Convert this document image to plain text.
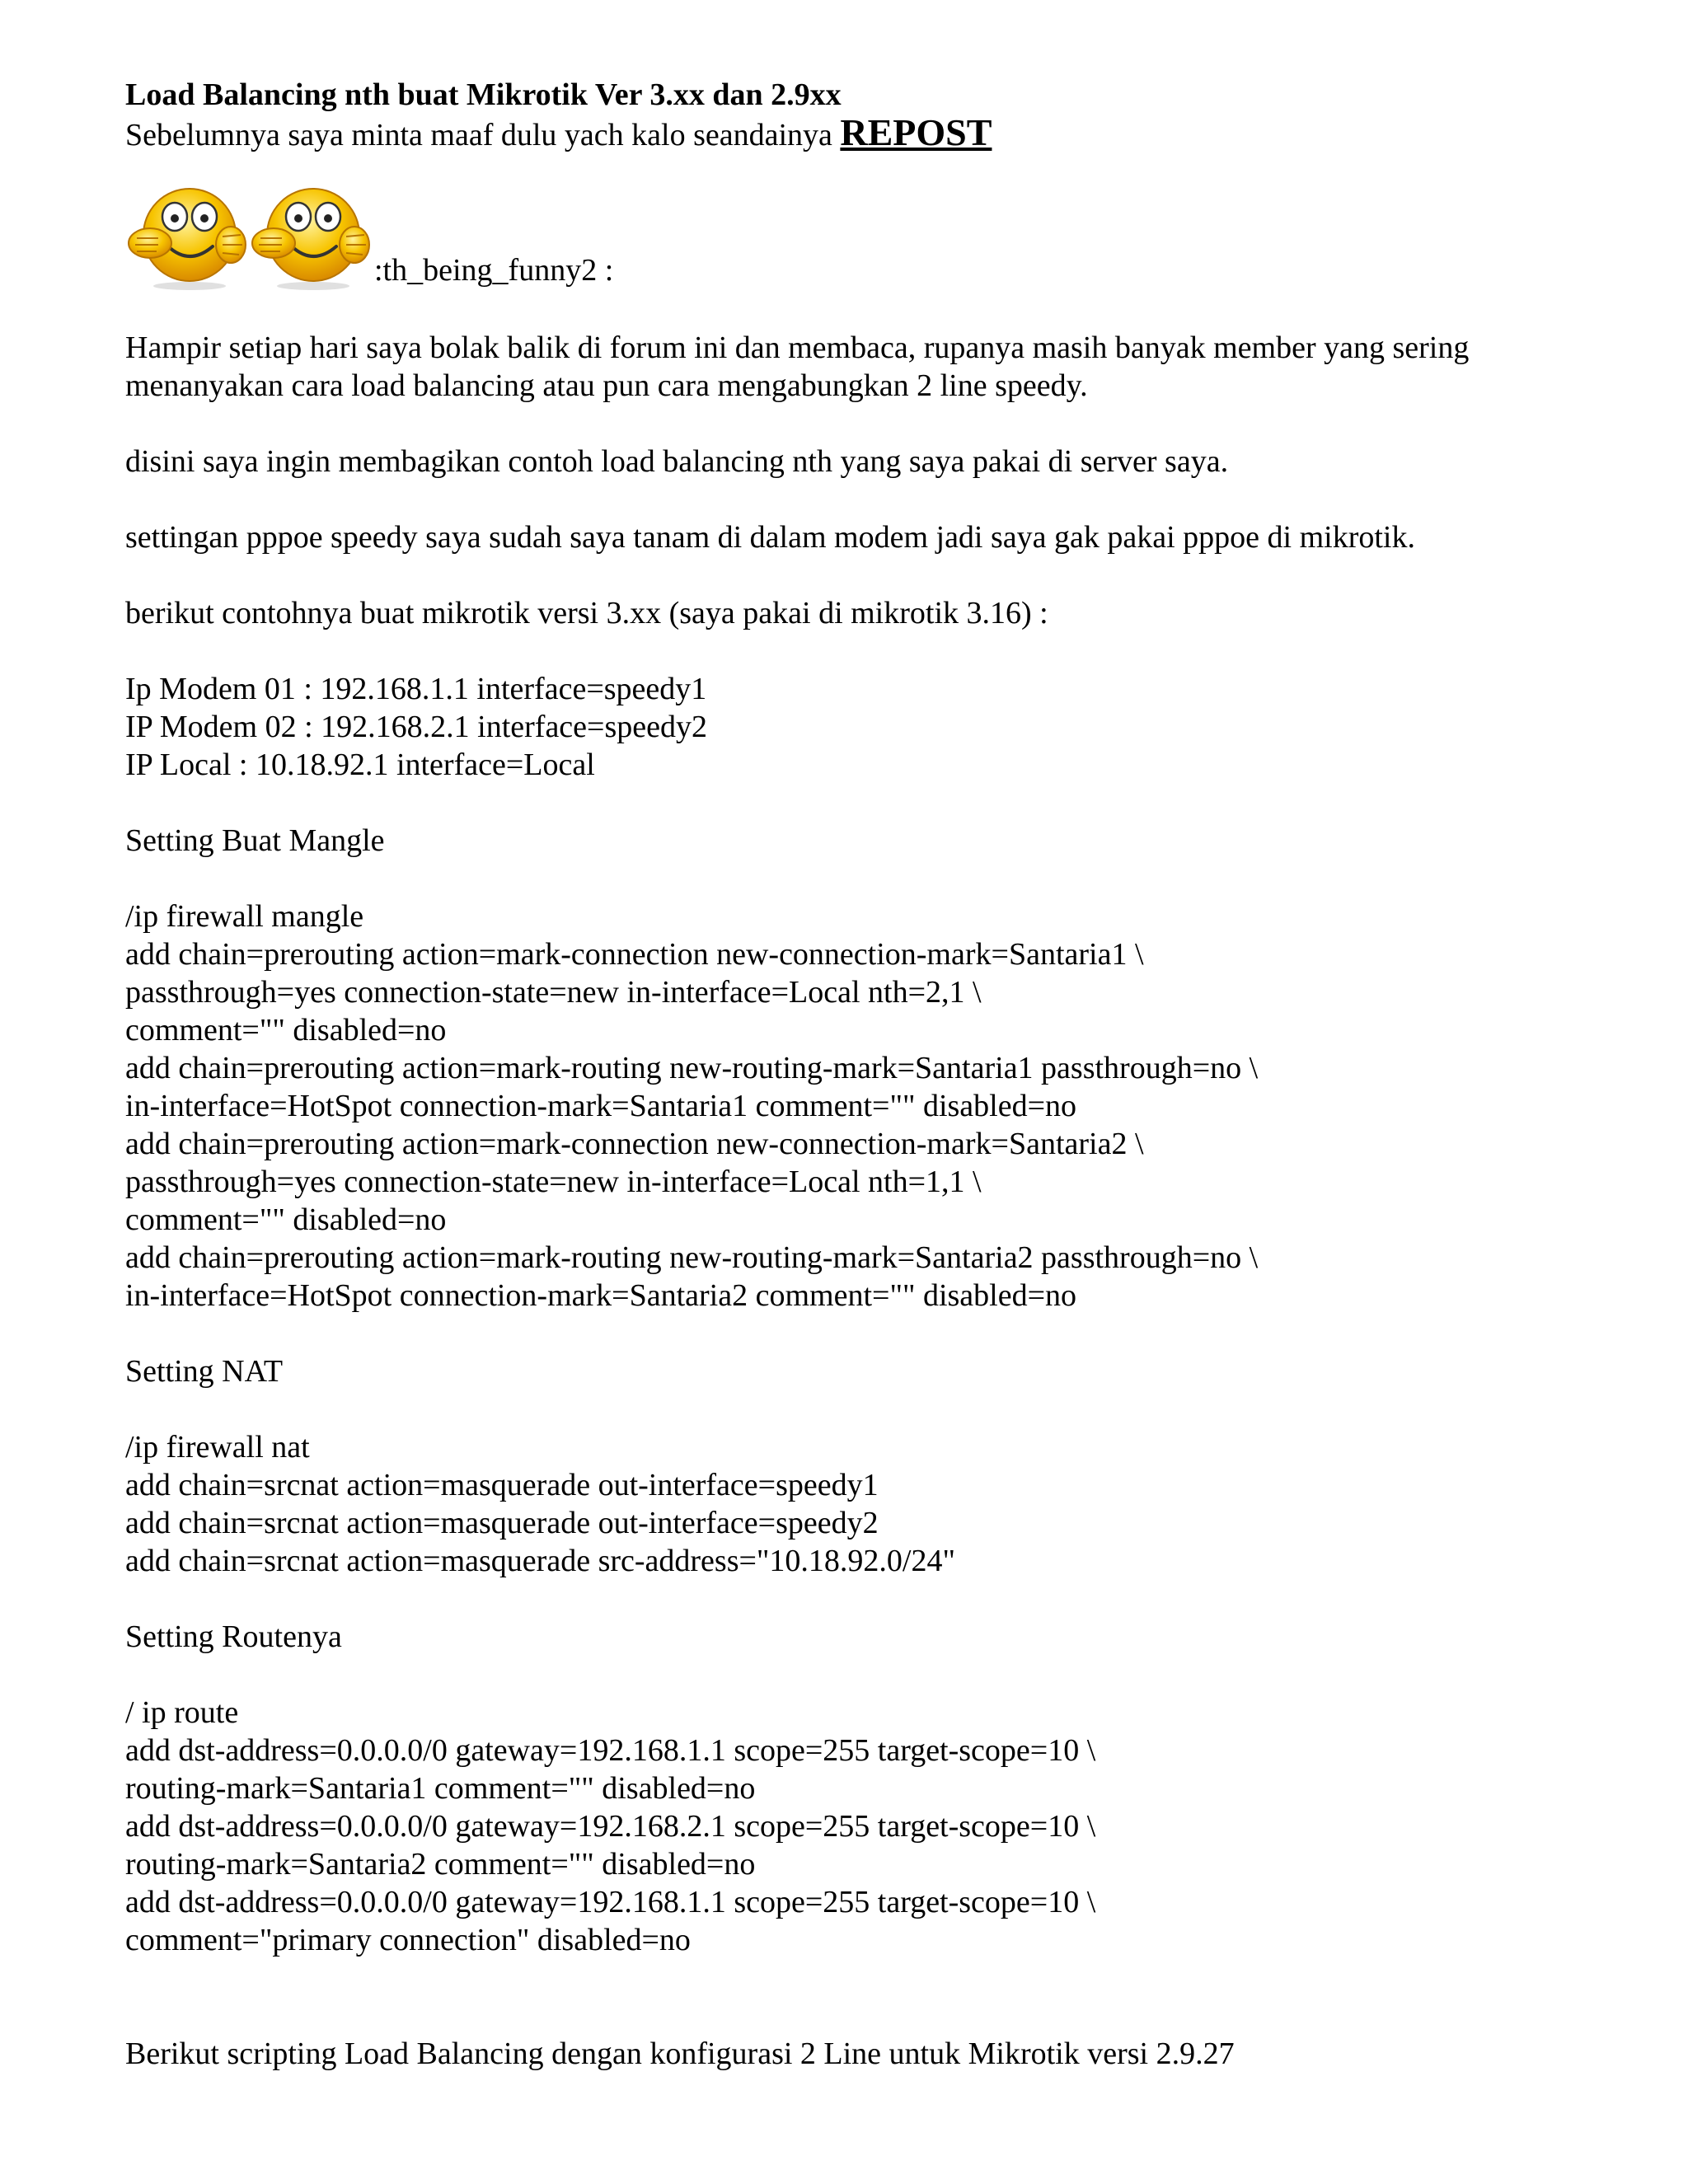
Load Balancing nth buat Mikrotik Ver 3.xx dan 2.9xx

Sebelumnya saya minta maaf dulu yach kalo seandainya REPOST

:th_being_funny2 :

Hampir setiap hari saya bolak balik di forum ini dan membaca, rupanya masih banyak member yang sering menanyakan cara load balancing atau pun cara mengabungkan 2 line speedy.

disini saya ingin membagikan contoh load balancing nth yang saya pakai di server saya.

settingan pppoe speedy saya sudah saya tanam di dalam modem jadi saya gak pakai pppoe di mikrotik.

berikut contohnya buat mikrotik versi 3.xx (saya pakai di mikrotik 3.16) :

Ip Modem 01 : 192.168.1.1 interface=speedy1

IP Modem 02 : 192.168.2.1 interface=speedy2

IP Local : 10.18.92.1 interface=Local

Setting Buat Mangle

/ip firewall mangle

add chain=prerouting action=mark-connection new-connection-mark=Santaria1 \

passthrough=yes connection-state=new in-interface=Local nth=2,1 \

comment="" disabled=no

add chain=prerouting action=mark-routing new-routing-mark=Santaria1 passthrough=no \

in-interface=HotSpot connection-mark=Santaria1 comment="" disabled=no

add chain=prerouting action=mark-connection new-connection-mark=Santaria2 \

passthrough=yes connection-state=new in-interface=Local nth=1,1 \

comment="" disabled=no

add chain=prerouting action=mark-routing new-routing-mark=Santaria2 passthrough=no \

in-interface=HotSpot connection-mark=Santaria2 comment="" disabled=no

Setting NAT

/ip firewall nat

add chain=srcnat action=masquerade out-interface=speedy1

add chain=srcnat action=masquerade out-interface=speedy2

add chain=srcnat action=masquerade src-address="10.18.92.0/24"

Setting Routenya

/ ip route

add dst-address=0.0.0.0/0 gateway=192.168.1.1 scope=255 target-scope=10 \

routing-mark=Santaria1 comment="" disabled=no

add dst-address=0.0.0.0/0 gateway=192.168.2.1 scope=255 target-scope=10 \

routing-mark=Santaria2 comment="" disabled=no

add dst-address=0.0.0.0/0 gateway=192.168.1.1 scope=255 target-scope=10 \

comment="primary connection" disabled=no

Berikut scripting Load Balancing dengan konfigurasi 2 Line untuk Mikrotik versi 2.9.27
